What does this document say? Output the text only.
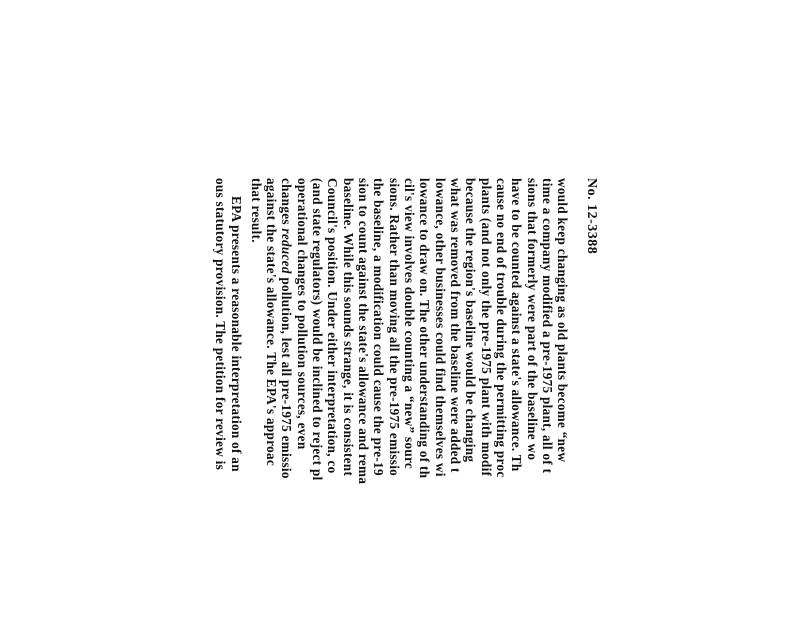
No. 12-3388
would keep changing as old plants become “new
time a company modified a pre-1975 plant, all of t
sions that formerly were part of the baseline wo
have to be counted against a state's allowance. Th
cause no end of trouble during the permitting proc
plants (and not only the pre-1975 plant with modif
because the region's baseline would be changing
what was removed from the baseline were added t
lowance, other businesses could find themselves wi
lowance to draw on. The other understanding of th
cil's view involves double counting a “new” sourc
sions. Rather than moving all the pre-1975 emissio
the baseline, a modification could cause the pre-19
sion to count against the state's allowance and rema
baseline. While this sounds strange, it is consistent
Council's position. Under either interpretation, co
(and state regulators) would be inclined to reject pl
operational changes to pollution sources, even
changes reduced pollution, lest all pre-1975 emissio
against the state's allowance. The EPA's approac
that result.
EPA presents a reasonable interpretation of an
ous statutory provision. The petition for review is
